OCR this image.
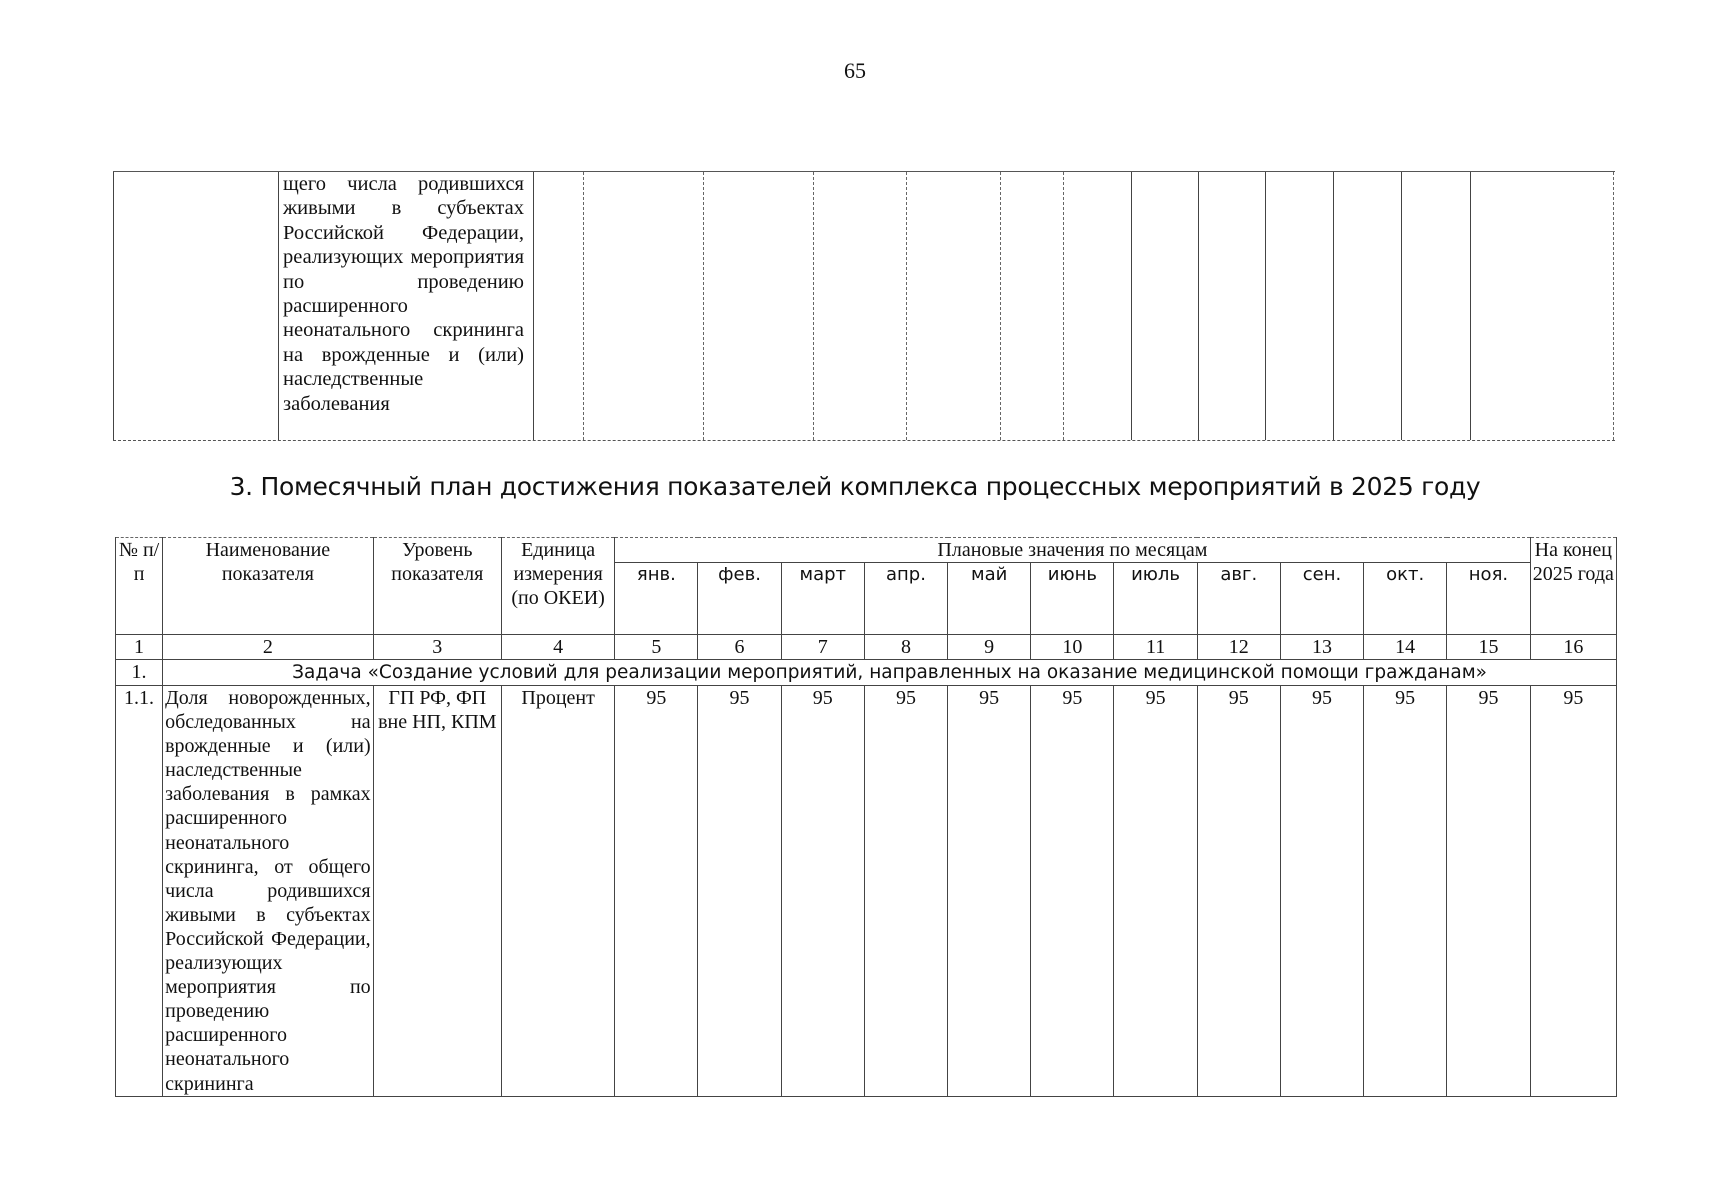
65
щего числа родившихся живыми в субъектах Российской Федерации, реализующих мероприятия по проведению расширенного неонатального скрининга на врожденные и (или) наследственные заболевания
3. Помесячный план достижения показателей комплекса процессных мероприятий в 2025 году
№ п/п	Наименование показателя	Уровень показателя	Единица измерения (по ОКЕИ)	Плановые значения по месяцам											На конец 2025 года
				янв.	фев.	март	апр.	май	июнь	июль	авг.	сен.	окт.	ноя.	
1	2	3	4	5	6	7	8	9	10	11	12	13	14	15	16
1.	Задача «Создание условий для реализации мероприятий, направленных на оказание медицинской помощи гражданам»														
1.1.	Доля новорожденных, обследованных на врожденные и (или) наследственные заболевания в рамках расширенного неонатального скрининга, от общего числа родившихся живыми в субъектах Российской Федерации, реализующих мероприятия по проведению расширенного неонатального скрининга	ГП РФ, ФП вне НП, КПМ	Процент	95	95	95	95	95	95	95	95	95	95	95	95
